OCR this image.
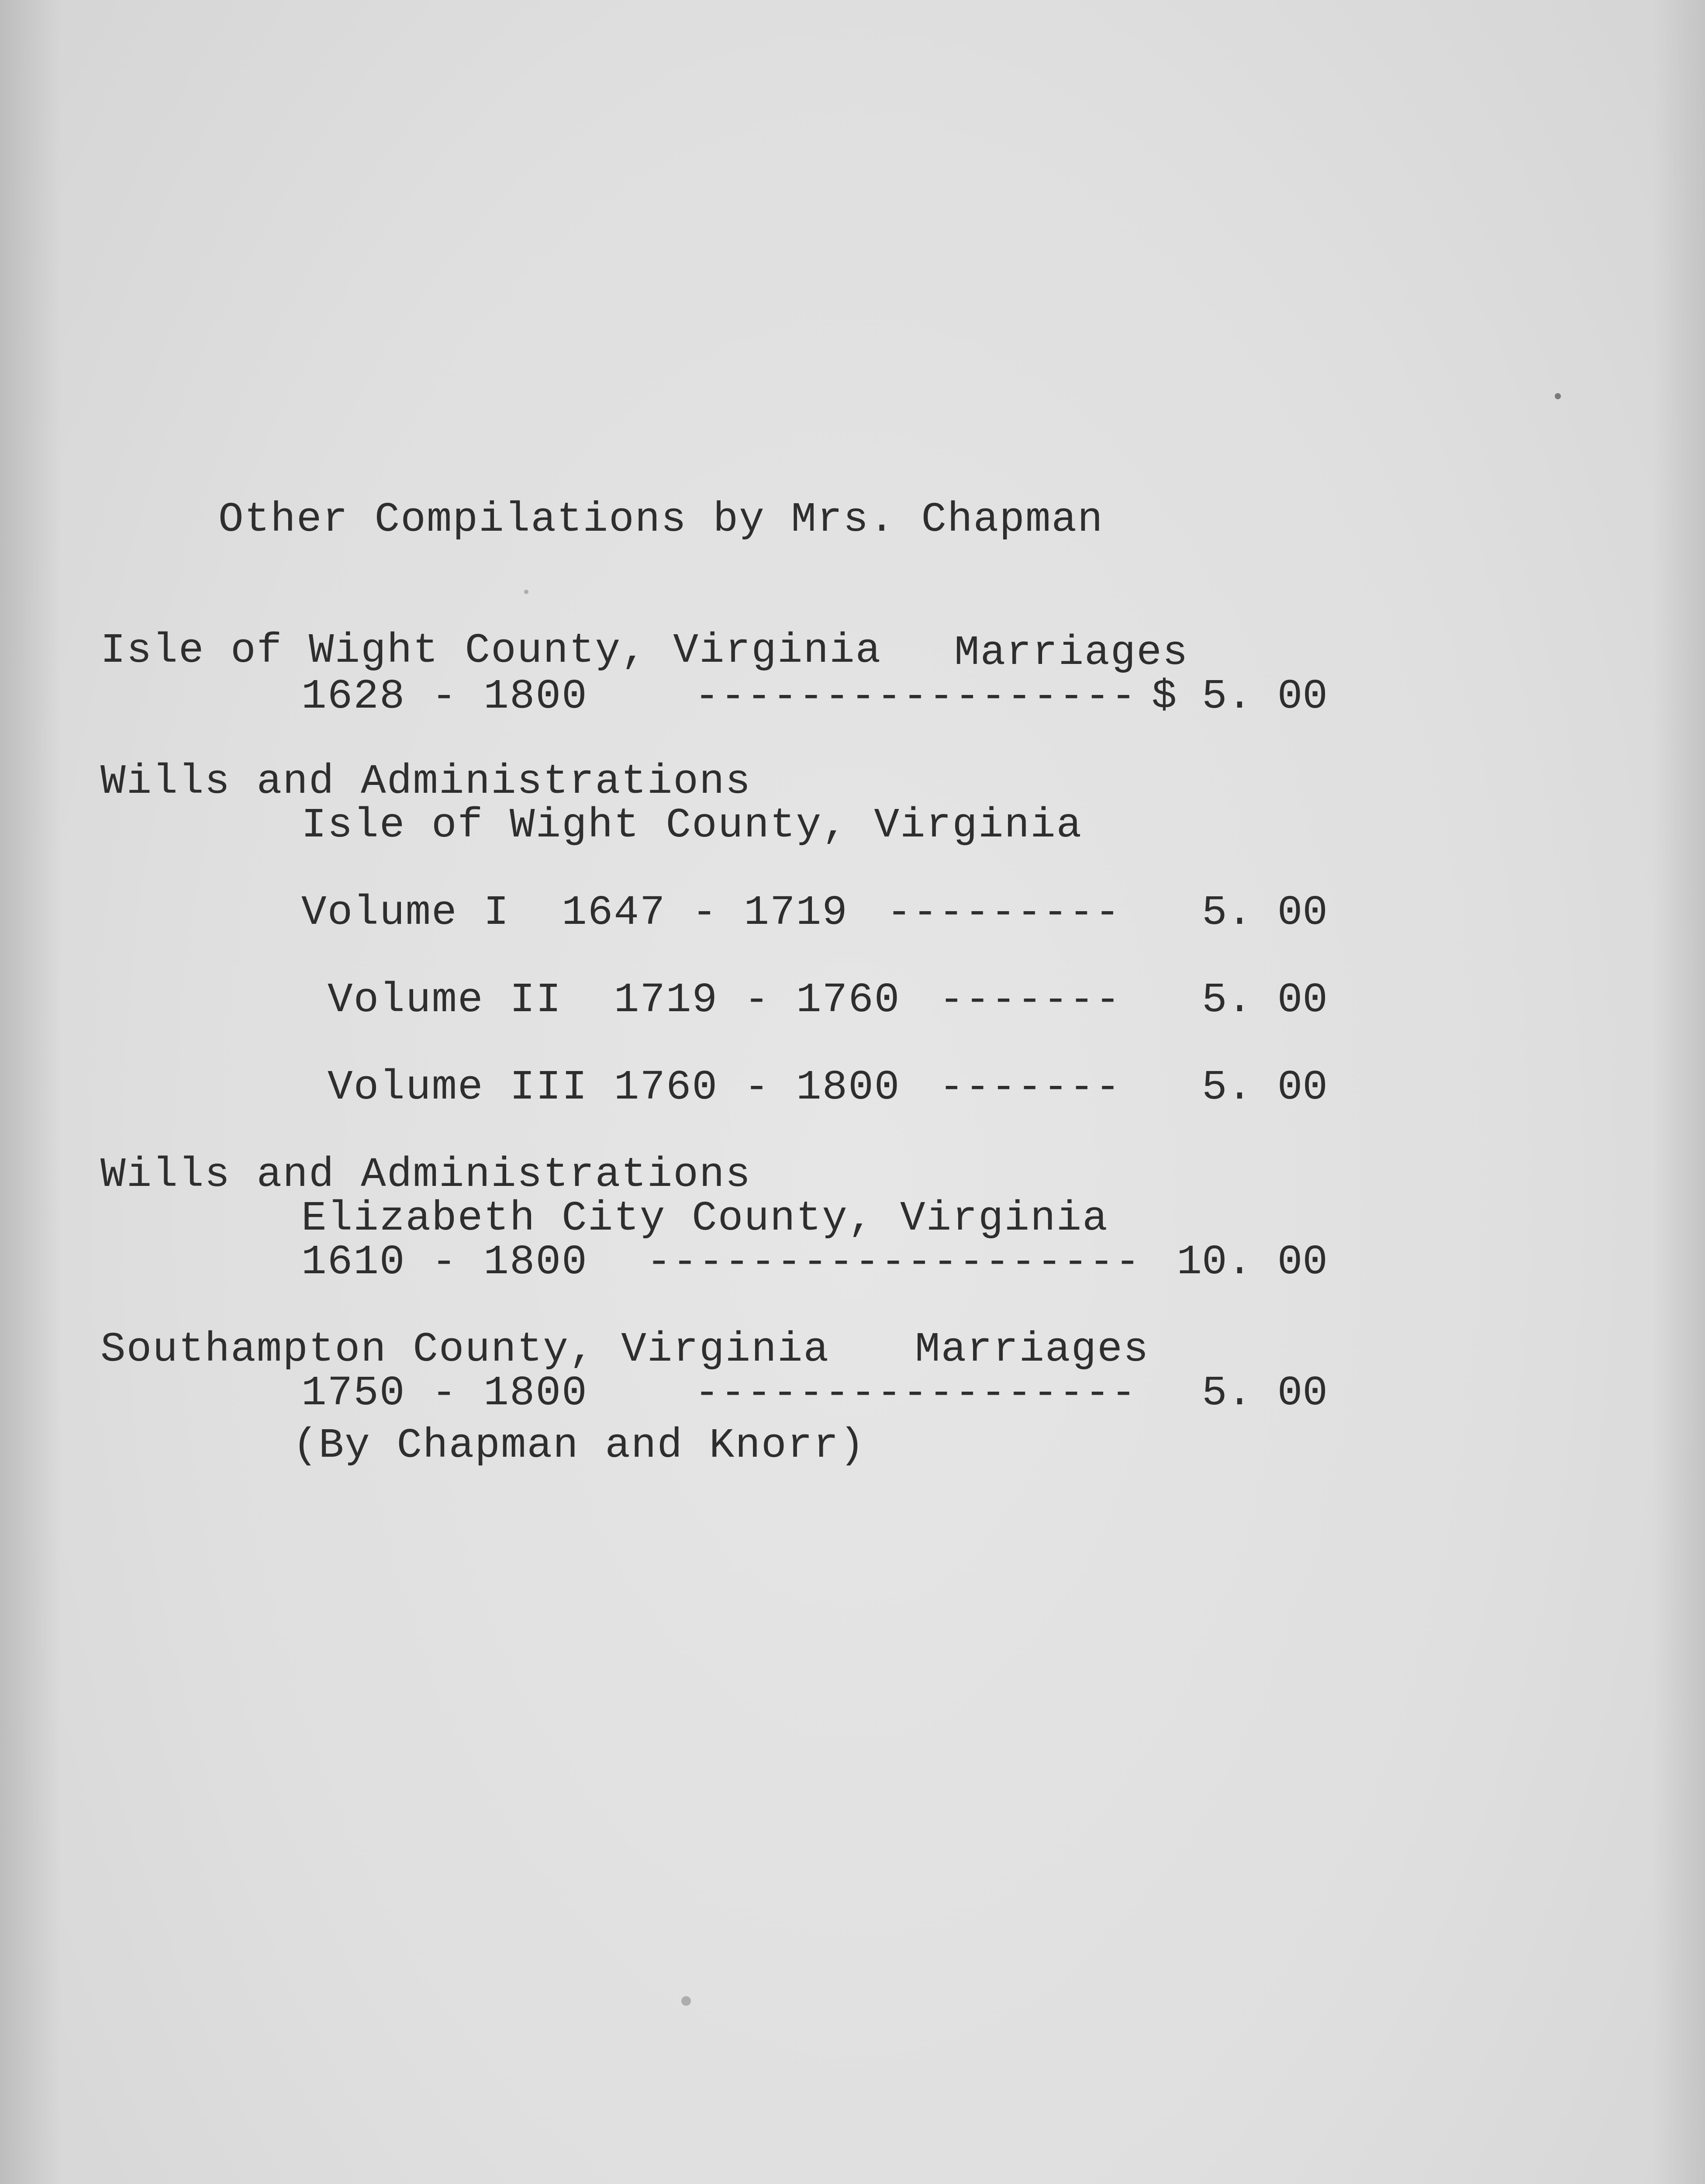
Other Compilations by Mrs. Chapman
Isle of Wight County, Virginia Marriages
1628 - 1800	----------------- $ 5. 00
Wills and Administrations
Isle of Wight County, Virginia
Volume I  1647 - 1719 ---------	5. 00
Volume II  1719 - 1760 -------	5. 00
Volume III 1760 - 1800 -------	5. 00
Wills and Administrations
Elizabeth City County, Virginia
1610 - 1800 ------------------- 10. 00
Southampton County, Virginia Marriages
1750 - 1800	-----------------	5. 00
(By Chapman and Knorr)
